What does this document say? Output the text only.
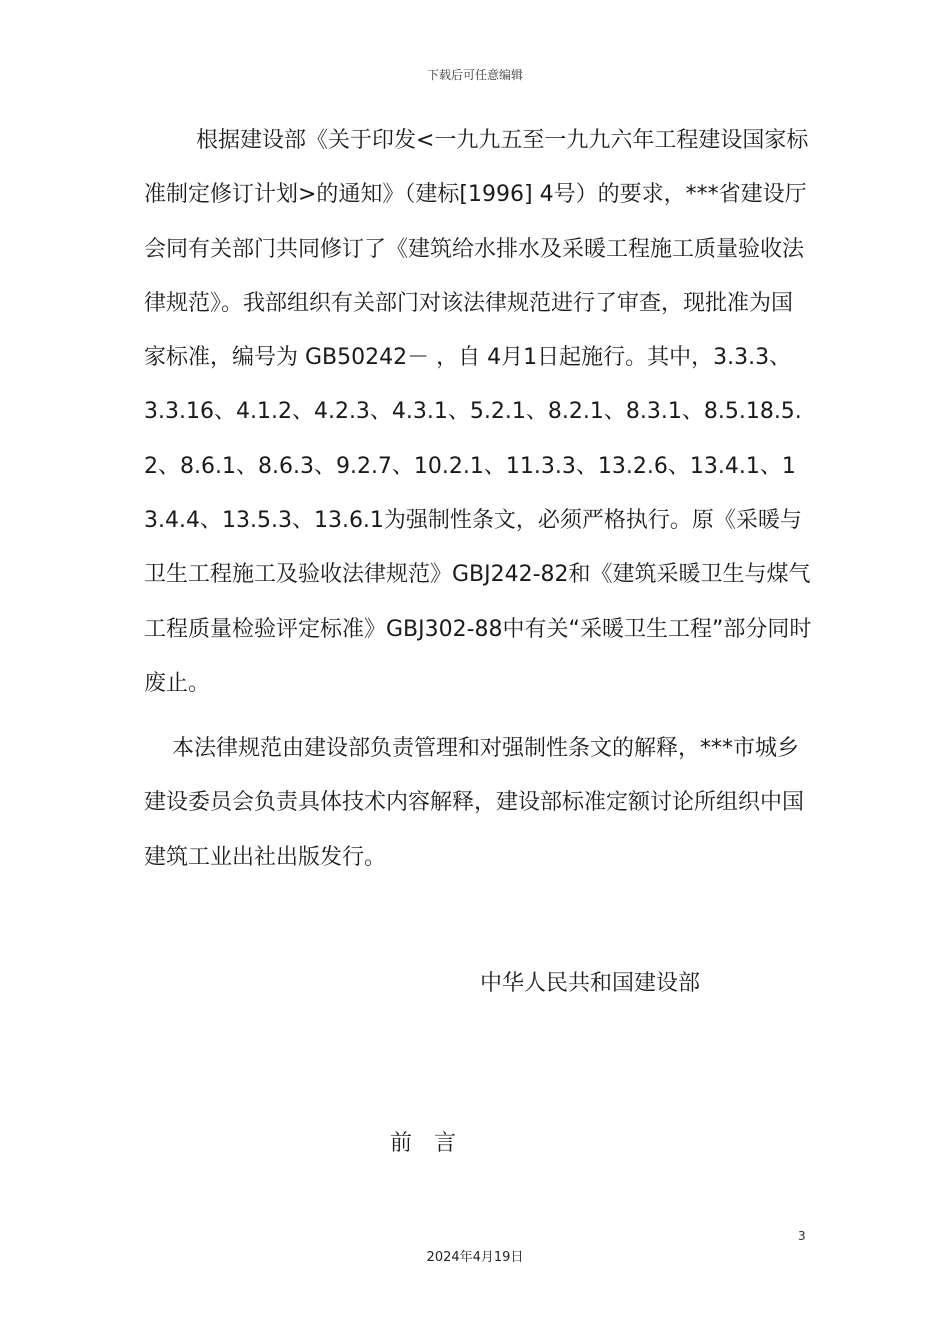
下载后可任意编辑

根据建设部《关于印发<一九九五至一九九六年工程建设国家标准制定修订计划>的通知》（建标[1996] 4号）的要求，***省建设厅会同有关部门共同修订了《建筑给水排水及采暖工程施工质量验收法律规范》。我部组织有关部门对该法律规范进行了审查，现批准为国家标准，编号为 GB50242－ ，自 4月1日起施行。其中，3.3.3、3.3.16、4.1.2、4.2.3、4.3.1、5.2.1、8.2.1、8.3.1、8.5.18.5.2、8.6.1、8.6.3、9.2.7、10.2.1、11.3.3、13.2.6、13.4.1、13.4.4、13.5.3、13.6.1为强制性条文，必须严格执行。原《采暖与卫生工程施工及验收法律规范》GBJ242-82和《建筑采暖卫生与煤气工程质量检验评定标准》GBJ302-88中有关“采暖卫生工程”部分同时废止。

本法律规范由建设部负责管理和对强制性条文的解释，***市城乡建设委员会负责具体技术内容解释，建设部标准定额讨论所组织中国建筑工业出社出版发行。

中华人民共和国建设部

前言

3
2024年4月19日
